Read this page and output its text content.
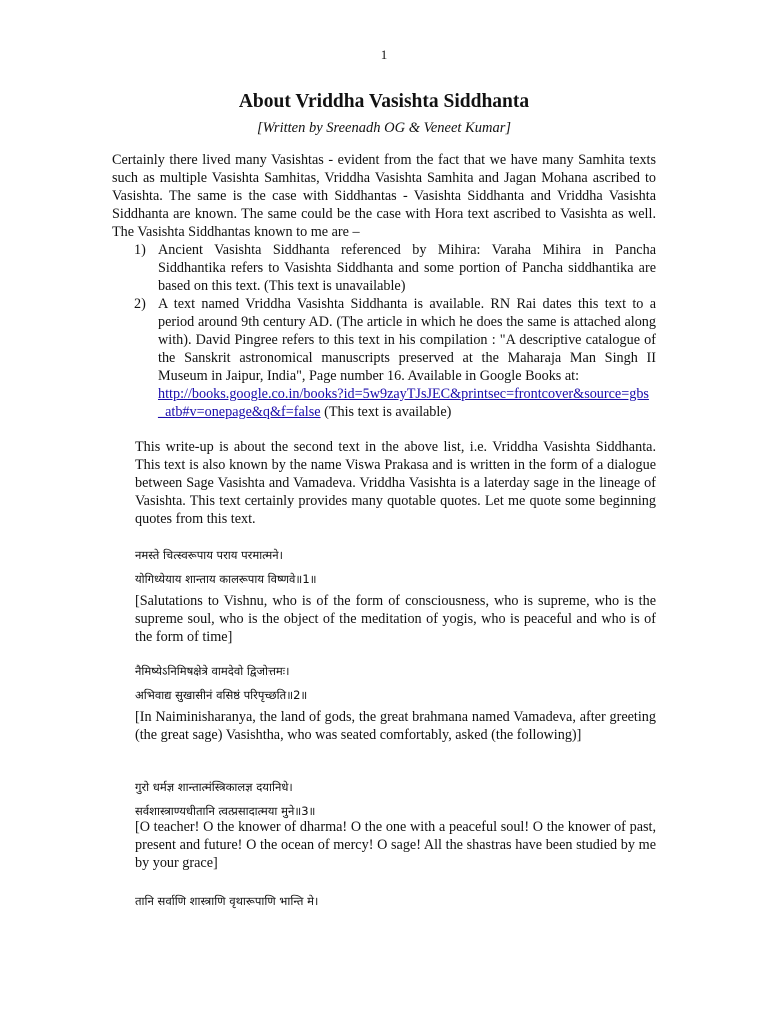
1
About Vriddha Vasishta Siddhanta
[Written by Sreenadh OG & Veneet Kumar]

Certainly there lived many Vasishtas - evident from the fact that we have many Samhita texts such as multiple Vasishta Samhitas, Vriddha Vasishta Samhita and Jagan Mohana ascribed to Vasishta. The same is the case with Siddhantas - Vasishta Siddhanta and Vriddha Vasishta Siddhanta are known. The same could be the case with Hora text ascribed to Vasishta as well. The Vasishta Siddhantas known to me are –

1) Ancient Vasishta Siddhanta referenced by Mihira: Varaha Mihira in Pancha Siddhantika refers to Vasishta Siddhanta and some portion of Pancha siddhantika are based on this text. (This text is unavailable)
2) A text named Vriddha Vasishta Siddhanta is available. RN Rai dates this text to a period around 9th century AD. (The article in which he does the same is attached along with). David Pingree refers to this text in his compilation : "A descriptive catalogue of the Sanskrit astronomical manuscripts preserved at the Maharaja Man Singh II Museum in Jaipur, India", Page number 16. Available in Google Books at:
http://books.google.co.in/books?id=5w9zayTJsJEC&printsec=frontcover&source=gbs_atb#v=onepage&q&f=false (This text is available)

This write-up is about the second text in the above list, i.e. Vriddha Vasishta Siddhanta. This text is also known by the name Viswa Prakasa and is written in the form of a dialogue between Sage Vasishta and Vamadeva. Vriddha Vasishta is a laterday sage in the lineage of Vasishta. This text certainly provides many quotable quotes. Let me quote some beginning quotes from this text.

नमस्ते चित्स्वरूपाय पराय परमात्मने।
योगिध्येयाय शान्ताय कालरूपाय विष्णवे॥1॥
[Salutations to Vishnu, who is of the form of consciousness, who is supreme, who is the supreme soul, who is the object of the meditation of yogis, who is peaceful and who is of the form of time]
नैमिष्येऽनिमिषक्षेत्रे वामदेवो द्विजोत्तमः।
अभिवाद्य सुखासीनं वसिष्ठं परिपृच्छति॥2॥
[In Naiminisharanya, the land of gods, the great brahmana named Vamadeva, after greeting (the great sage) Vasishtha, who was seated comfortably, asked (the following)]
गुरो धर्मज्ञ शान्तात्मंस्त्रिकालज्ञ दयानिधे।
सर्वशास्त्राण्यधीतानि त्वत्प्रसादात्मया मुने॥3॥
[O teacher! O the knower of dharma! O the one with a peaceful soul! O the knower of past, present and future! O the ocean of mercy! O sage! All the shastras have been studied by me by your grace]
तानि सर्वाणि शास्त्राणि वृथारूपाणि भान्ति मे।
